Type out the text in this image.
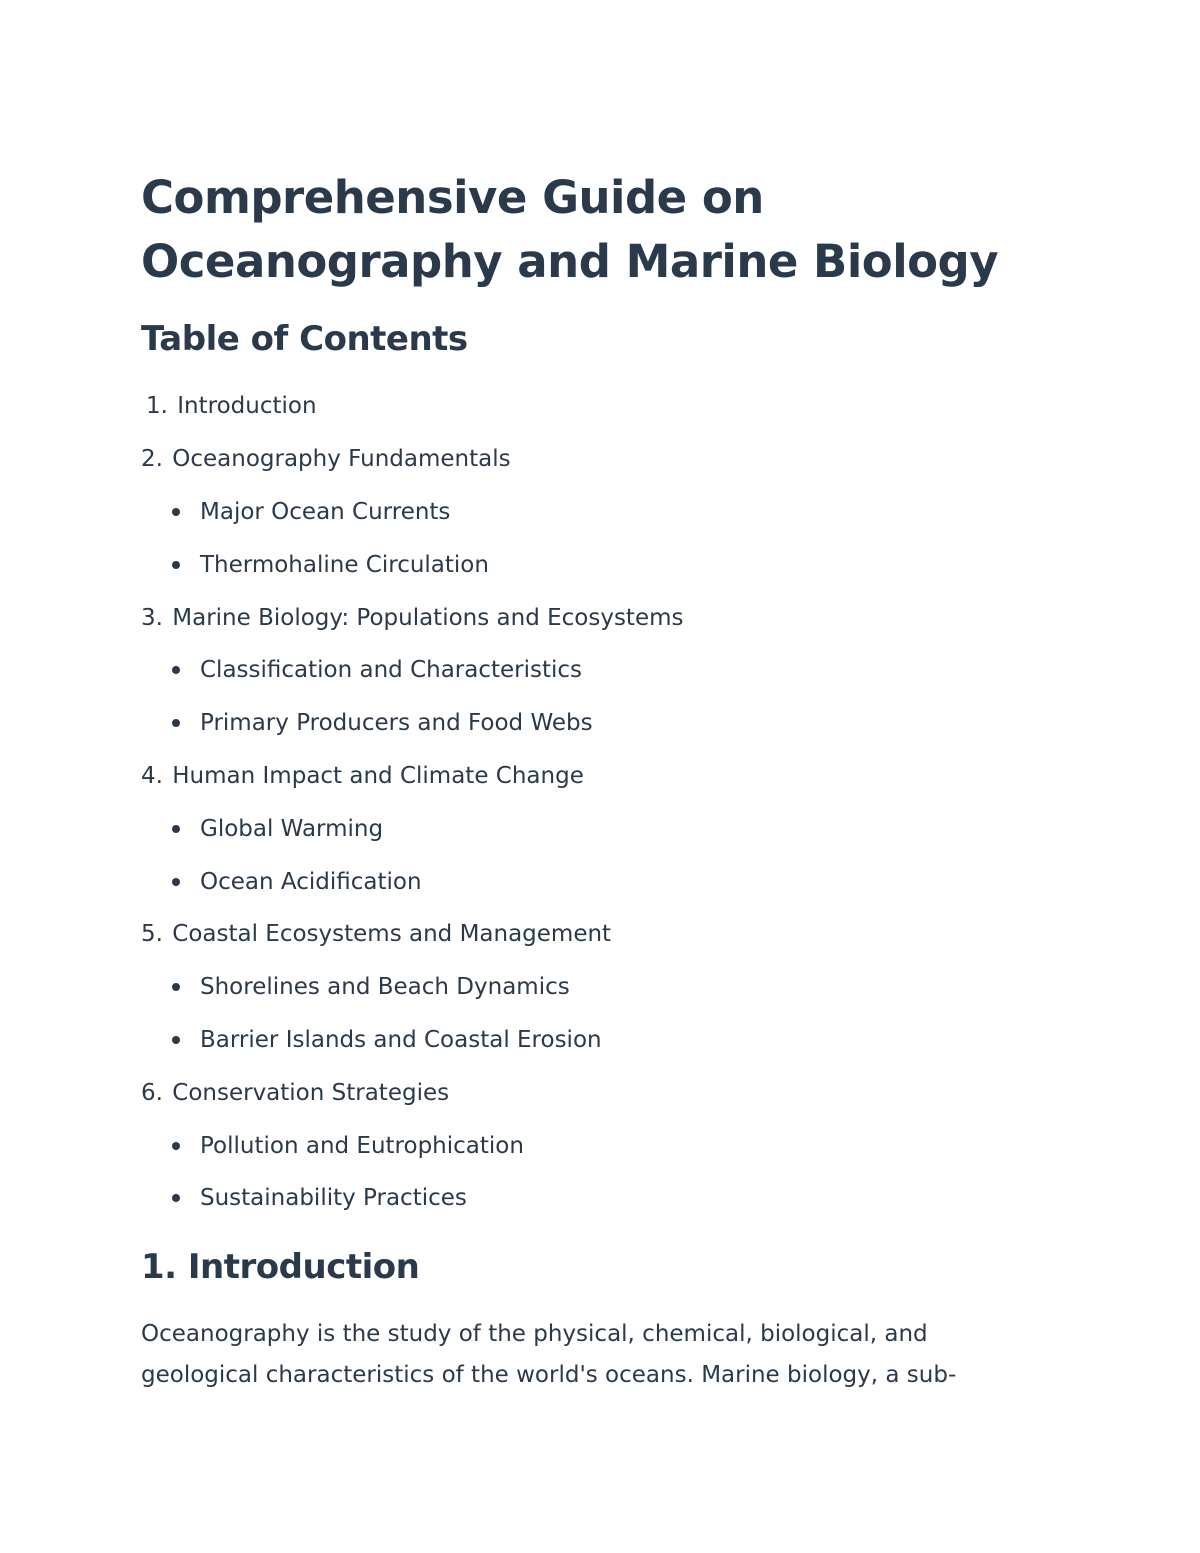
Comprehensive Guide on Oceanography and Marine Biology
Table of Contents
1.
Introduction
2.
Oceanography Fundamentals
Major Ocean Currents
Thermohaline Circulation
3.
Marine Biology: Populations and Ecosystems
Classification and Characteristics
Primary Producers and Food Webs
4.
Human Impact and Climate Change
Global Warming
Ocean Acidification
5.
Coastal Ecosystems and Management
Shorelines and Beach Dynamics
Barrier Islands and Coastal Erosion
6.
Conservation Strategies
Pollution and Eutrophication
Sustainability Practices
1. Introduction

Oceanography is the study of the physical, chemical, biological, and geological characteristics of the world's oceans. Marine biology, a sub-
